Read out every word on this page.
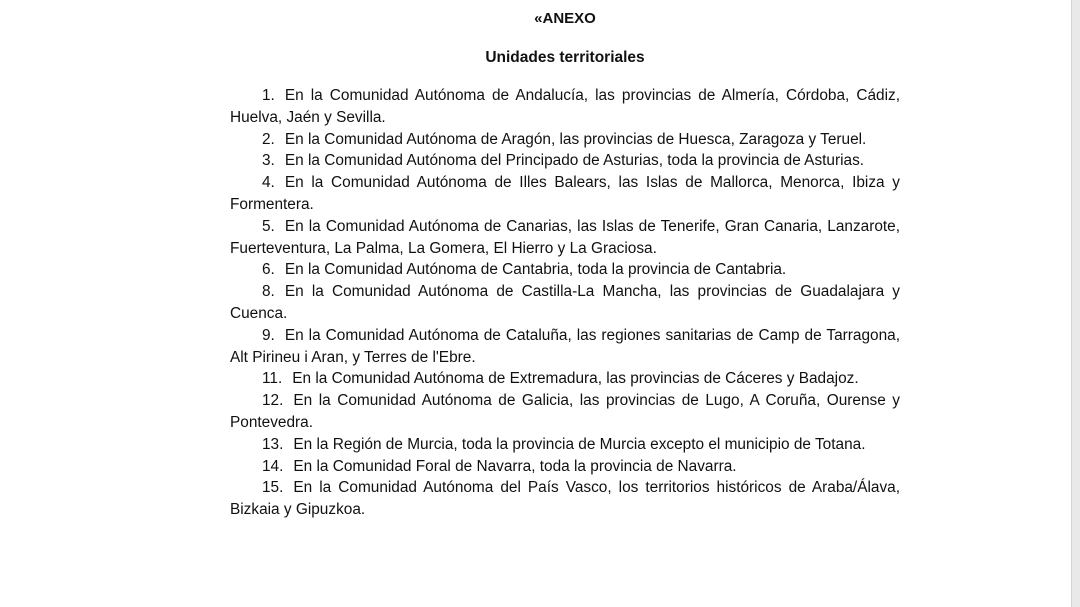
«ANEXO
Unidades territoriales

1. En la Comunidad Autónoma de Andalucía, las provincias de Almería, Córdoba, Cádiz, Huelva, Jaén y Sevilla.

2. En la Comunidad Autónoma de Aragón, las provincias de Huesca, Zaragoza y Teruel.

3. En la Comunidad Autónoma del Principado de Asturias, toda la provincia de Asturias.

4. En la Comunidad Autónoma de Illes Balears, las Islas de Mallorca, Menorca, Ibiza y Formentera.

5. En la Comunidad Autónoma de Canarias, las Islas de Tenerife, Gran Canaria, Lanzarote, Fuerteventura, La Palma, La Gomera, El Hierro y La Graciosa.

6. En la Comunidad Autónoma de Cantabria, toda la provincia de Cantabria.

8. En la Comunidad Autónoma de Castilla-La Mancha, las provincias de Guadalajara y Cuenca.

9. En la Comunidad Autónoma de Cataluña, las regiones sanitarias de Camp de Tarragona, Alt Pirineu i Aran, y Terres de l'Ebre.

11. En la Comunidad Autónoma de Extremadura, las provincias de Cáceres y Badajoz.

12. En la Comunidad Autónoma de Galicia, las provincias de Lugo, A Coruña, Ourense y Pontevedra.

13. En la Región de Murcia, toda la provincia de Murcia excepto el municipio de Totana.

14. En la Comunidad Foral de Navarra, toda la provincia de Navarra.

15. En la Comunidad Autónoma del País Vasco, los territorios históricos de Araba/Álava, Bizkaia y Gipuzkoa.
